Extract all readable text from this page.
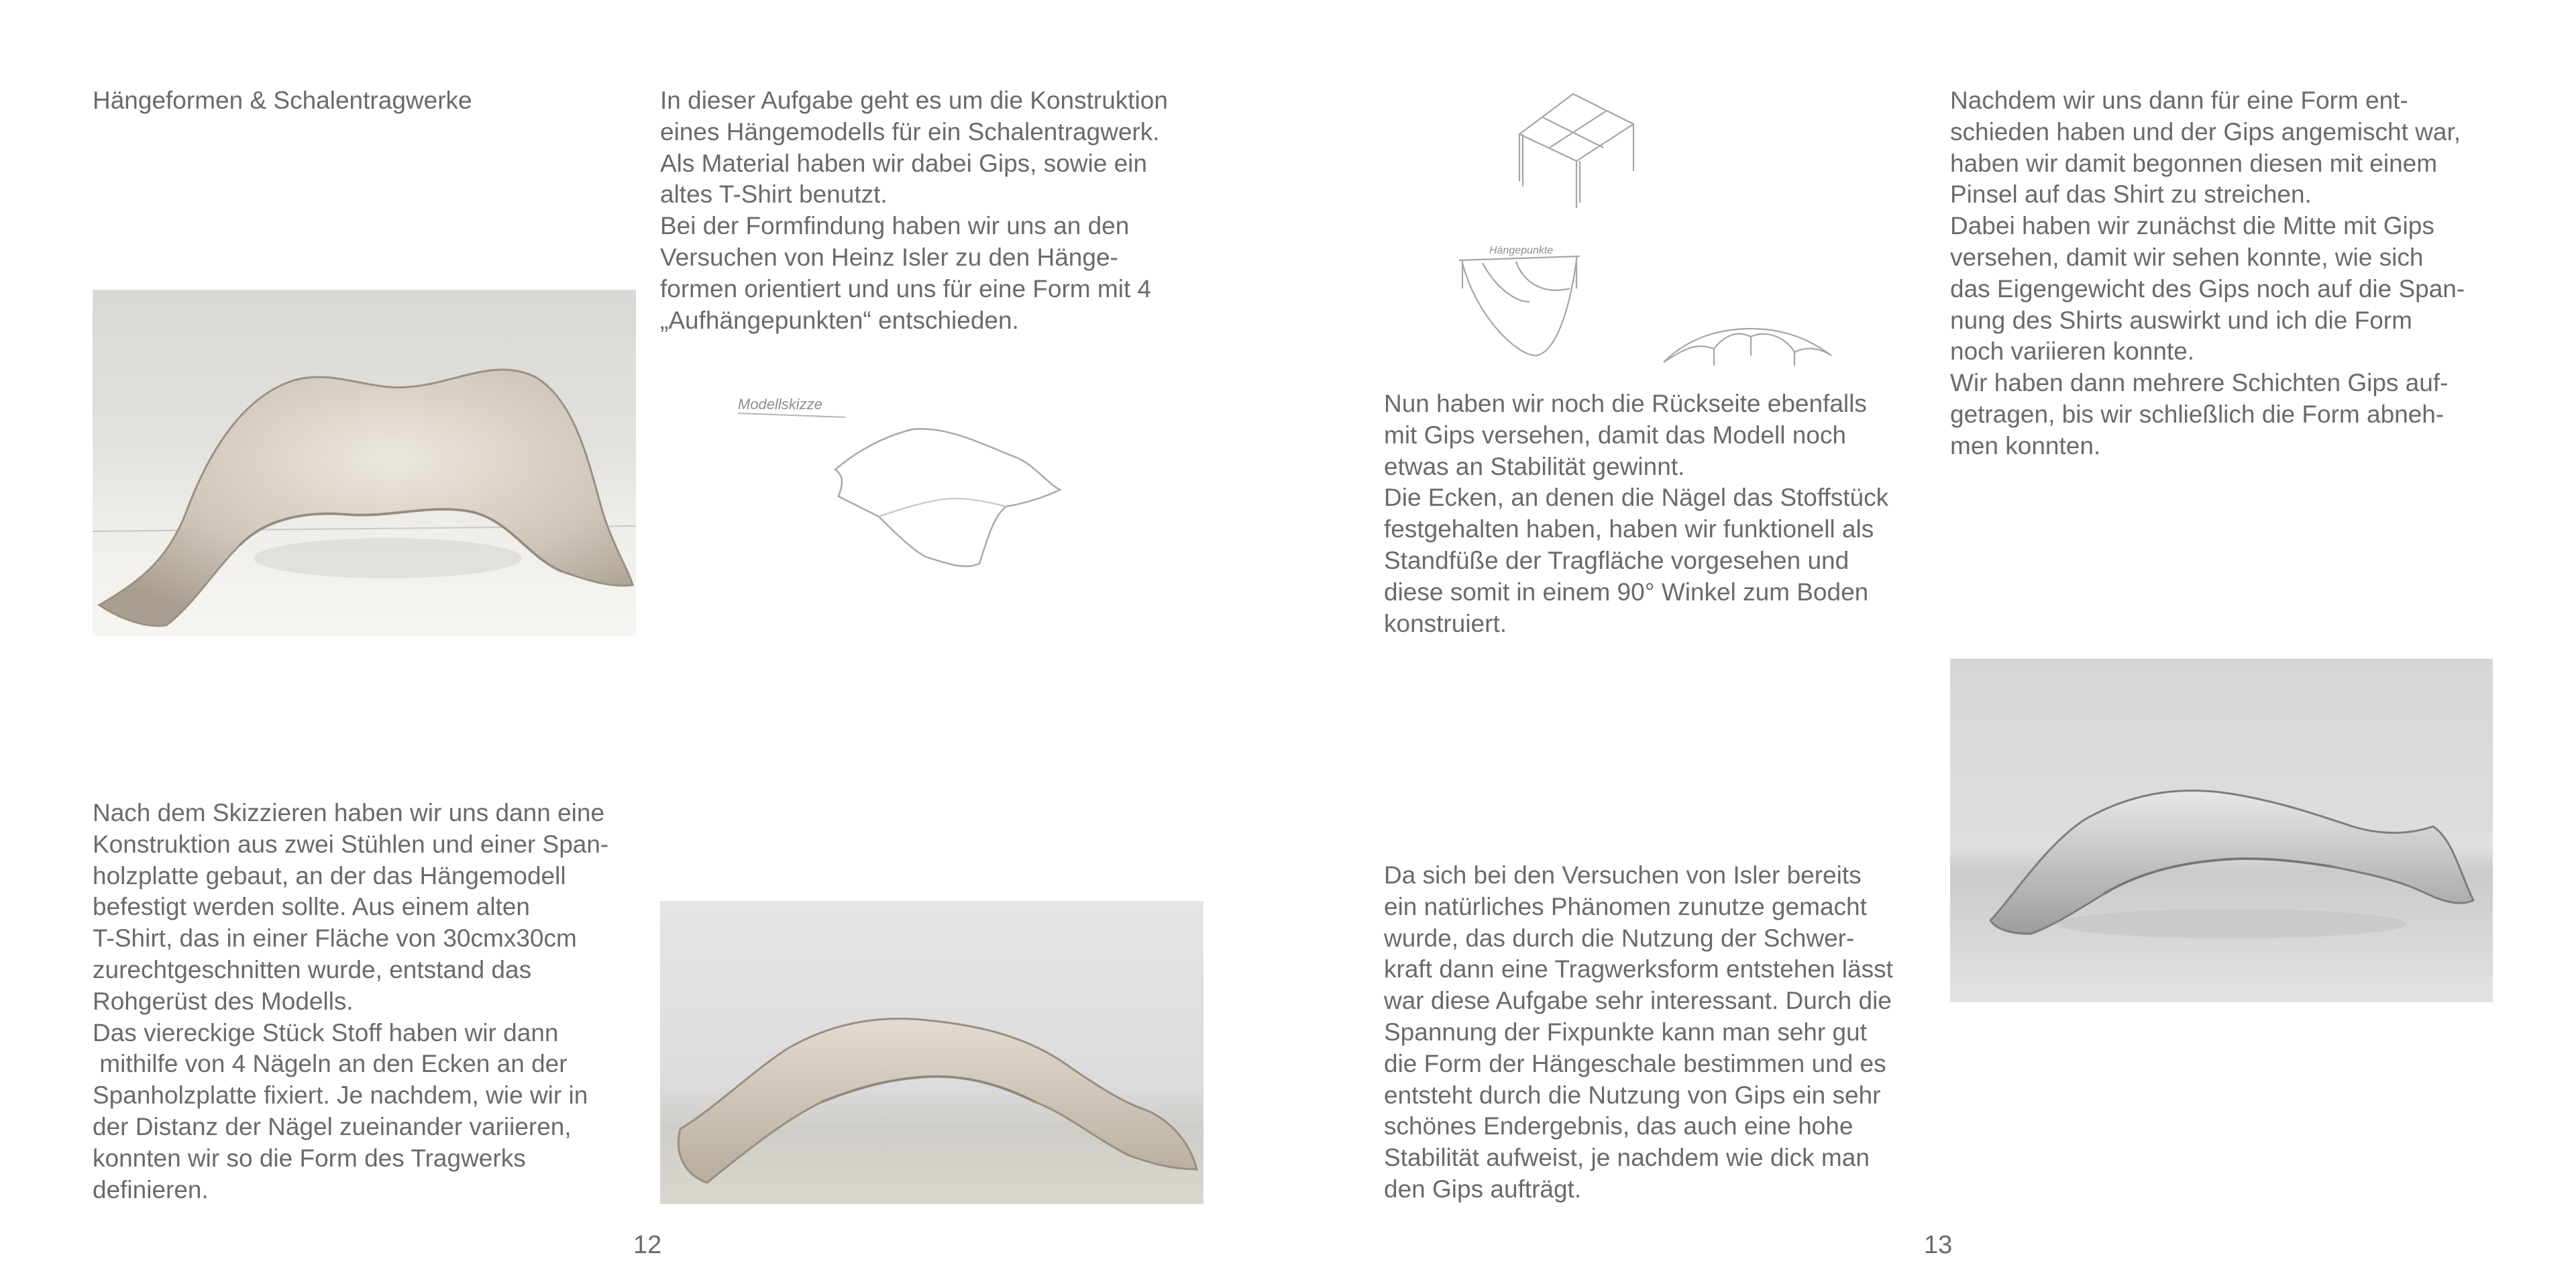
Hängeformen & Schalentragwerke	In dieser Aufgabe geht es um die Konstruktion
eines Hängemodells für ein Schalentragwerk.
Als Material haben wir dabei Gips, sowie ein
altes T-Shirt benutzt.
Bei der Formfindung haben wir uns an den
Versuchen von Heinz Isler zu den Hänge-
formen orientiert und uns für eine Form mit 4
„Aufhängepunkten“ entschieden.

Modellskizze

Nach dem Skizzieren haben wir uns dann eine
Konstruktion aus zwei Stühlen und einer Span-
holzplatte gebaut, an der das Hängemodell
befestigt werden sollte. Aus einem alten
T-Shirt, das in einer Fläche von 30cmx30cm
zurechtgeschnitten wurde, entstand das
Rohgerüst des Modells.
Das viereckige Stück Stoff haben wir dann
mithilfe von 4 Nägeln an den Ecken an der
Spanholzplatte fixiert. Je nachdem, wie wir in
der Distanz der Nägel zueinander variieren,
konnten wir so die Form des Tragwerks
definieren.

12
Hängepunkte

Nun haben wir noch die Rückseite ebenfalls
mit Gips versehen, damit das Modell noch
etwas an Stabilität gewinnt.
Die Ecken, an denen die Nägel das Stoffstück
festgehalten haben, haben wir funktionell als
Standfüße der Tragfläche vorgesehen und
diese somit in einem 90° Winkel zum Boden
konstruiert.

Nachdem wir uns dann für eine Form ent-
schieden haben und der Gips angemischt war,
haben wir damit begonnen diesen mit einem
Pinsel auf das Shirt zu streichen.
Dabei haben wir zunächst die Mitte mit Gips
versehen, damit wir sehen konnte, wie sich
das Eigengewicht des Gips noch auf die Span-
nung des Shirts auswirkt und ich die Form
noch variieren konnte.
Wir haben dann mehrere Schichten Gips auf-
getragen, bis wir schließlich die Form abneh-
men konnten.

Da sich bei den Versuchen von Isler bereits
ein natürliches Phänomen zunutze gemacht
wurde, das durch die Nutzung der Schwer-
kraft dann eine Tragwerksform entstehen lässt
war diese Aufgabe sehr interessant. Durch die
Spannung der Fixpunkte kann man sehr gut
die Form der Hängeschale bestimmen und es
entsteht durch die Nutzung von Gips ein sehr
schönes Endergebnis, das auch eine hohe
Stabilität aufweist, je nachdem wie dick man
den Gips aufträgt.

13
